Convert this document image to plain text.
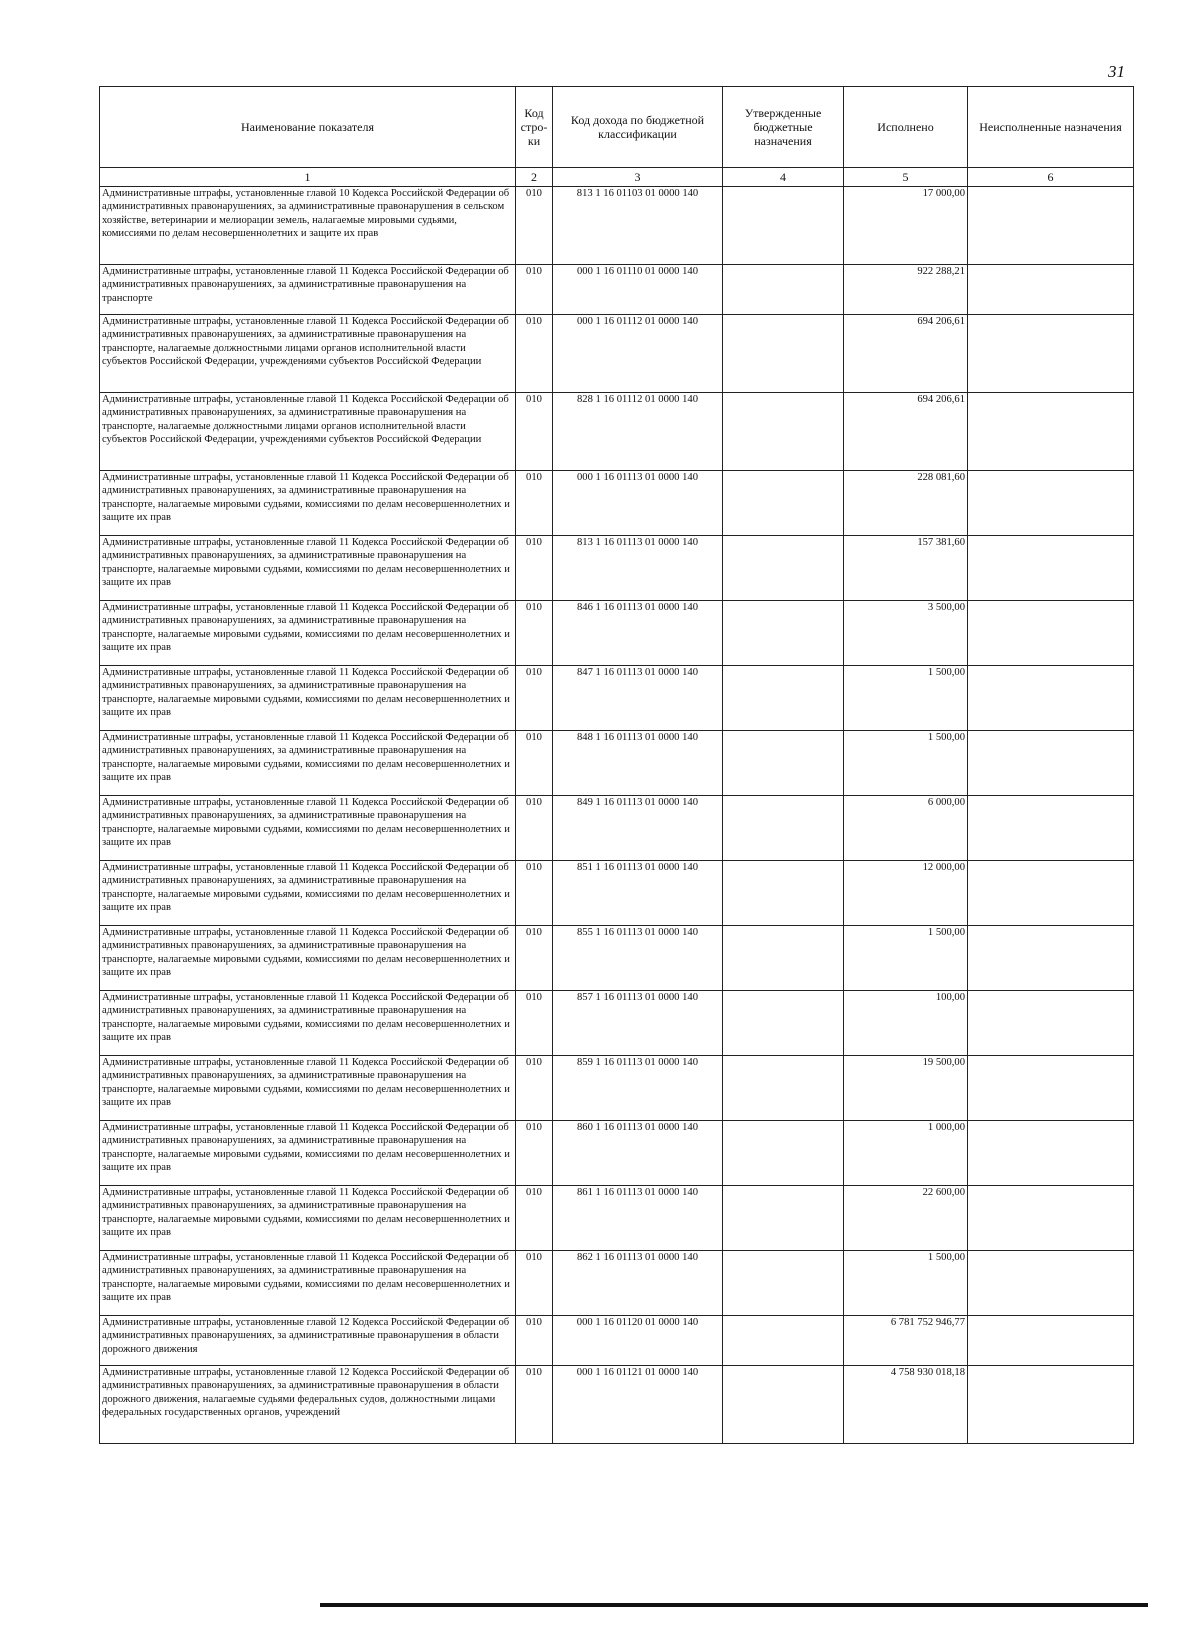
31
Наименование показателя	Код стро- ки	Код дохода по бюджетной классификации	Утвержденные бюджетные назначения	Исполнено	Неисполненные назначения
1	2	3	4	5	6
Административные штрафы, установленные главой 10 Кодекса Российской Федерации об административных правонарушениях, за административные правонарушения в сельском хозяйстве, ветеринарии и мелиорации земель, налагаемые мировыми судьями, комиссиями по делам несовершеннолетних и защите их прав	010	813 1 16 01103 01 0000 140		17 000,00	
Административные штрафы, установленные главой 11 Кодекса Российской Федерации об административных правонарушениях, за административные правонарушения на транспорте	010	000 1 16 01110 01 0000 140		922 288,21	
Административные штрафы, установленные главой 11 Кодекса Российской Федерации об административных правонарушениях, за административные правонарушения на транспорте, налагаемые должностными лицами органов исполнительной власти субъектов Российской Федерации, учреждениями субъектов Российской Федерации	010	000 1 16 01112 01 0000 140		694 206,61	
Административные штрафы, установленные главой 11 Кодекса Российской Федерации об административных правонарушениях, за административные правонарушения на транспорте, налагаемые должностными лицами органов исполнительной власти субъектов Российской Федерации, учреждениями субъектов Российской Федерации	010	828 1 16 01112 01 0000 140		694 206,61	
Административные штрафы, установленные главой 11 Кодекса Российской Федерации об административных правонарушениях, за административные правонарушения на транспорте, налагаемые мировыми судьями, комиссиями по делам несовершеннолетних и защите их прав	010	000 1 16 01113 01 0000 140		228 081,60	
Административные штрафы, установленные главой 11 Кодекса Российской Федерации об административных правонарушениях, за административные правонарушения на транспорте, налагаемые мировыми судьями, комиссиями по делам несовершеннолетних и защите их прав	010	813 1 16 01113 01 0000 140		157 381,60	
Административные штрафы, установленные главой 11 Кодекса Российской Федерации об административных правонарушениях, за административные правонарушения на транспорте, налагаемые мировыми судьями, комиссиями по делам несовершеннолетних и защите их прав	010	846 1 16 01113 01 0000 140		3 500,00	
Административные штрафы, установленные главой 11 Кодекса Российской Федерации об административных правонарушениях, за административные правонарушения на транспорте, налагаемые мировыми судьями, комиссиями по делам несовершеннолетних и защите их прав	010	847 1 16 01113 01 0000 140		1 500,00	
Административные штрафы, установленные главой 11 Кодекса Российской Федерации об административных правонарушениях, за административные правонарушения на транспорте, налагаемые мировыми судьями, комиссиями по делам несовершеннолетних и защите их прав	010	848 1 16 01113 01 0000 140		1 500,00	
Административные штрафы, установленные главой 11 Кодекса Российской Федерации об административных правонарушениях, за административные правонарушения на транспорте, налагаемые мировыми судьями, комиссиями по делам несовершеннолетних и защите их прав	010	849 1 16 01113 01 0000 140		6 000,00	
Административные штрафы, установленные главой 11 Кодекса Российской Федерации об административных правонарушениях, за административные правонарушения на транспорте, налагаемые мировыми судьями, комиссиями по делам несовершеннолетних и защите их прав	010	851 1 16 01113 01 0000 140		12 000,00	
Административные штрафы, установленные главой 11 Кодекса Российской Федерации об административных правонарушениях, за административные правонарушения на транспорте, налагаемые мировыми судьями, комиссиями по делам несовершеннолетних и защите их прав	010	855 1 16 01113 01 0000 140		1 500,00	
Административные штрафы, установленные главой 11 Кодекса Российской Федерации об административных правонарушениях, за административные правонарушения на транспорте, налагаемые мировыми судьями, комиссиями по делам несовершеннолетних и защите их прав	010	857 1 16 01113 01 0000 140		100,00	
Административные штрафы, установленные главой 11 Кодекса Российской Федерации об административных правонарушениях, за административные правонарушения на транспорте, налагаемые мировыми судьями, комиссиями по делам несовершеннолетних и защите их прав	010	859 1 16 01113 01 0000 140		19 500,00	
Административные штрафы, установленные главой 11 Кодекса Российской Федерации об административных правонарушениях, за административные правонарушения на транспорте, налагаемые мировыми судьями, комиссиями по делам несовершеннолетних и защите их прав	010	860 1 16 01113 01 0000 140		1 000,00	
Административные штрафы, установленные главой 11 Кодекса Российской Федерации об административных правонарушениях, за административные правонарушения на транспорте, налагаемые мировыми судьями, комиссиями по делам несовершеннолетних и защите их прав	010	861 1 16 01113 01 0000 140		22 600,00	
Административные штрафы, установленные главой 11 Кодекса Российской Федерации об административных правонарушениях, за административные правонарушения на транспорте, налагаемые мировыми судьями, комиссиями по делам несовершеннолетних и защите их прав	010	862 1 16 01113 01 0000 140		1 500,00	
Административные штрафы, установленные главой 12 Кодекса Российской Федерации об административных правонарушениях, за административные правонарушения в области дорожного движения	010	000 1 16 01120 01 0000 140		6 781 752 946,77	
Административные штрафы, установленные главой 12 Кодекса Российской Федерации об административных правонарушениях, за административные правонарушения в области дорожного движения, налагаемые судьями федеральных судов, должностными лицами федеральных государственных органов, учреждений	010	000 1 16 01121 01 0000 140		4 758 930 018,18	
